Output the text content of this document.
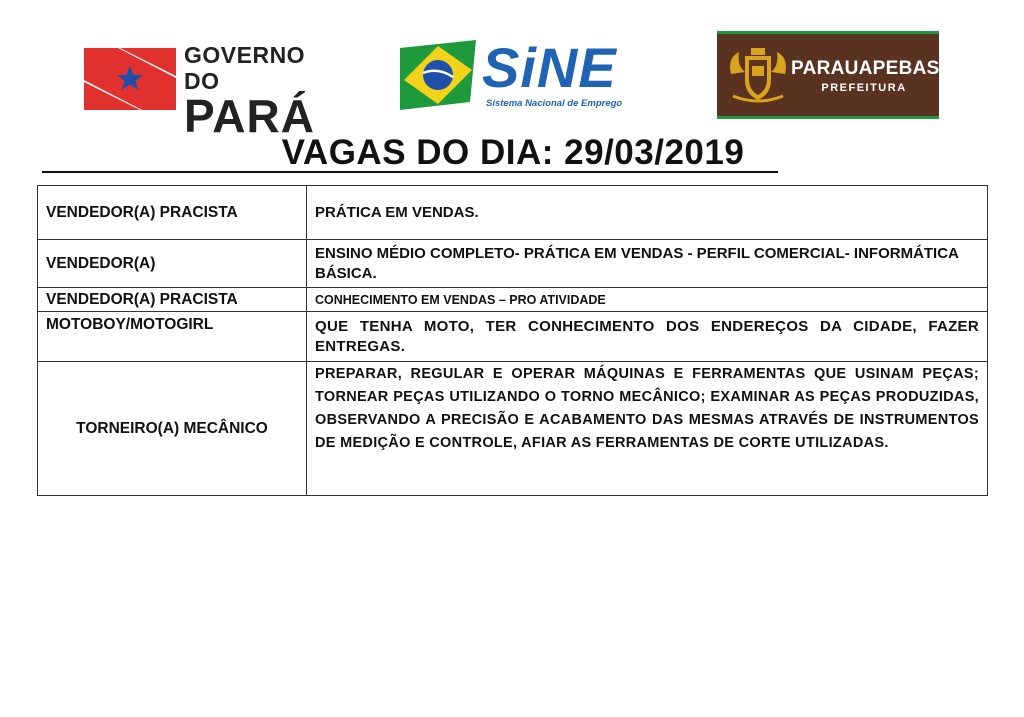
GOVERNO DO
PARÁ
SiNE
Sistema Nacional de Emprego
PARAUAPEBAS
PREFEITURA
VAGAS DO DIA: 29/03/2019
VENDEDOR(A) PRACISTA	PRÁTICA EM VENDAS.
VENDEDOR(A)	ENSINO MÉDIO COMPLETO- PRÁTICA EM VENDAS - PERFIL COMERCIAL- INFORMÁTICA BÁSICA.
VENDEDOR(A) PRACISTA	CONHECIMENTO EM VENDAS – PRO ATIVIDADE
MOTOBOY/MOTOGIRL	QUE TENHA MOTO, TER CONHECIMENTO DOS ENDEREÇOS DA CIDADE, FAZER ENTREGAS.
TORNEIRO(A) MECÂNICO	PREPARAR, REGULAR E OPERAR MÁQUINAS E FERRAMENTAS QUE USINAM PEÇAS; TORNEAR PEÇAS UTILIZANDO O TORNO MECÂNICO; EXAMINAR AS PEÇAS PRODUZIDAS, OBSERVANDO A PRECISÃO E ACABAMENTO DAS MESMAS ATRAVÉS DE INSTRUMENTOS DE MEDIÇÃO E CONTROLE, AFIAR AS FERRAMENTAS DE CORTE UTILIZADAS.
